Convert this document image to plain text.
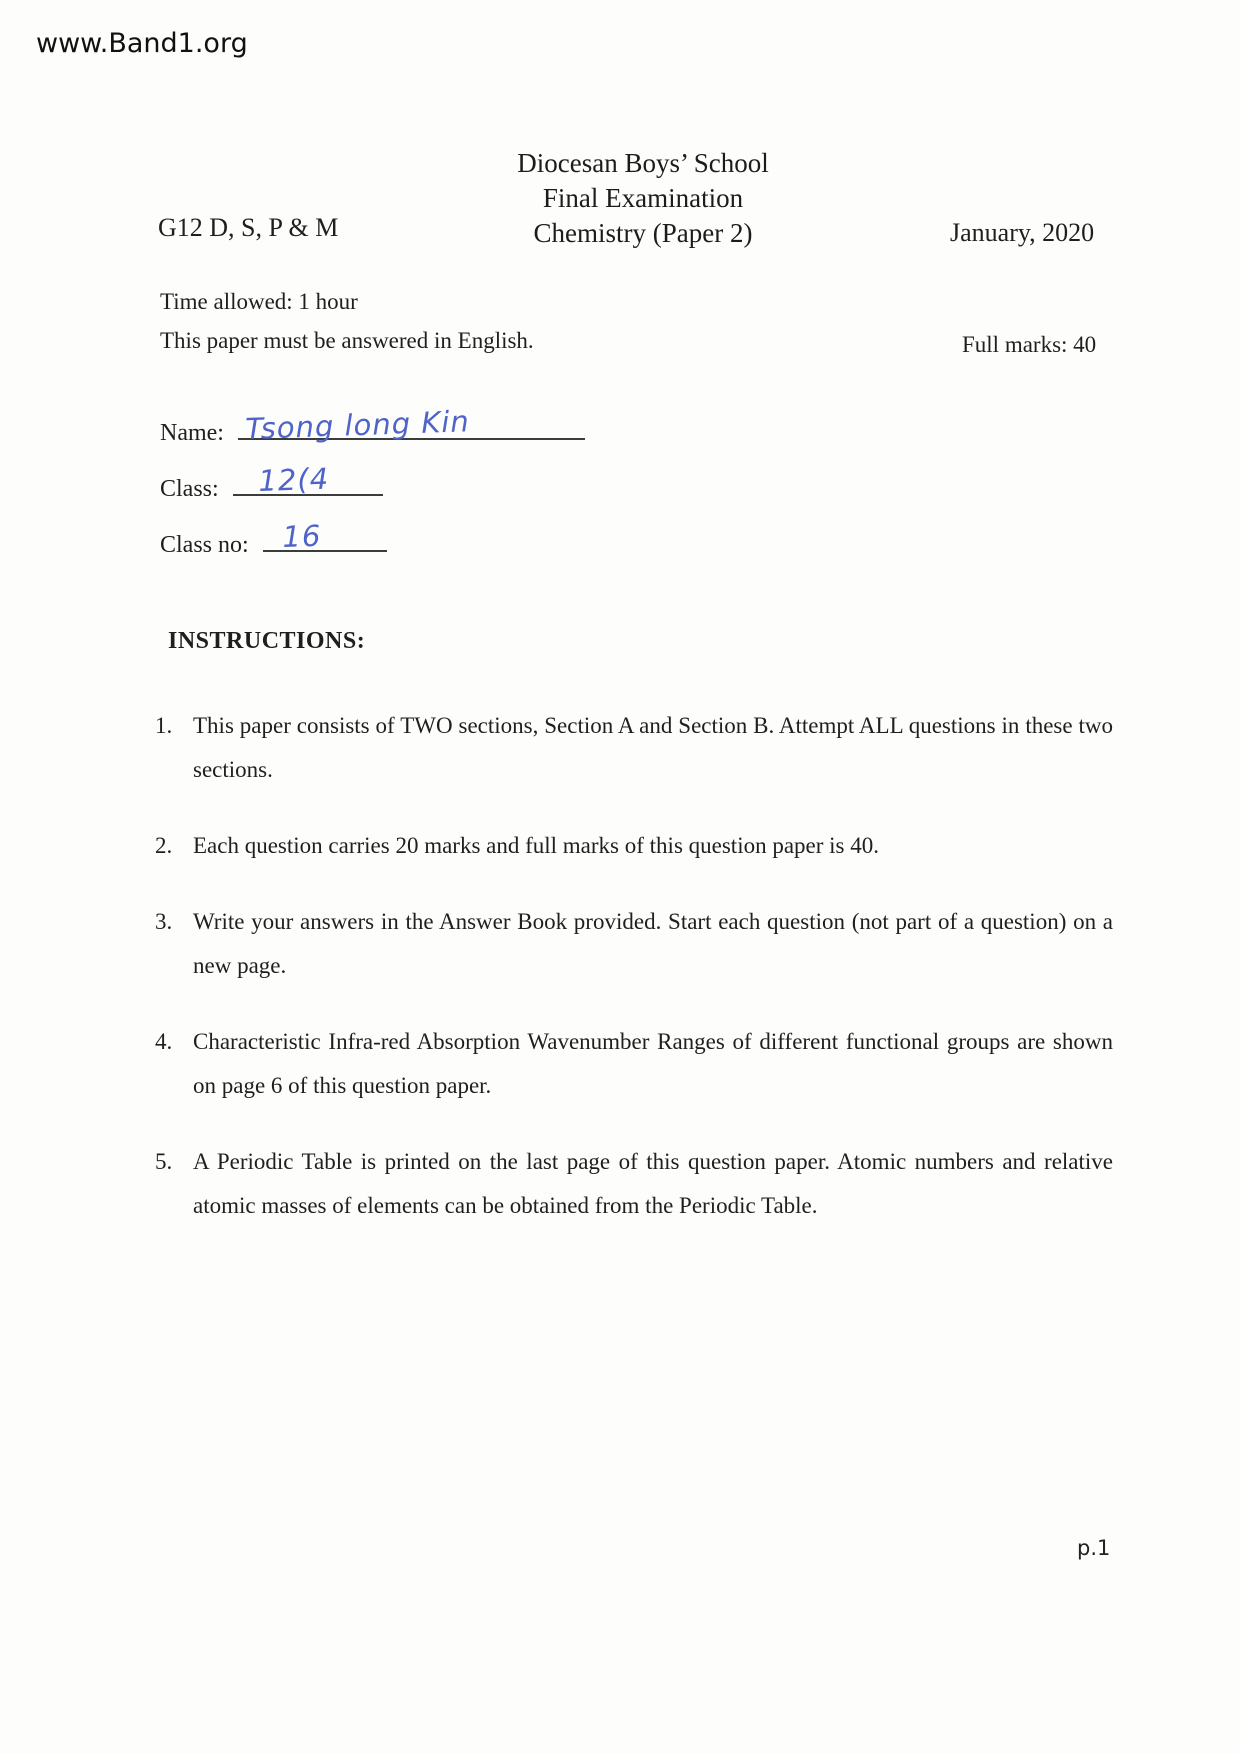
www.Band1.org
Diocesan Boys’ School
Final Examination
Chemistry (Paper 2)
G12 D, S, P & M	January, 2020
Time allowed: 1 hour
This paper must be answered in English.	Full marks: 40
Name: Tsong long Kin
Class: 12(4
Class no: 16
INSTRUCTIONS:
1. This paper consists of TWO sections, Section A and Section B. Attempt ALL questions in these two sections.
2. Each question carries 20 marks and full marks of this question paper is 40.
3. Write your answers in the Answer Book provided. Start each question (not part of a question) on a new page.
4. Characteristic Infra-red Absorption Wavenumber Ranges of different functional groups are shown on page 6 of this question paper.
5. A Periodic Table is printed on the last page of this question paper. Atomic numbers and relative atomic masses of elements can be obtained from the Periodic Table.
p.1
